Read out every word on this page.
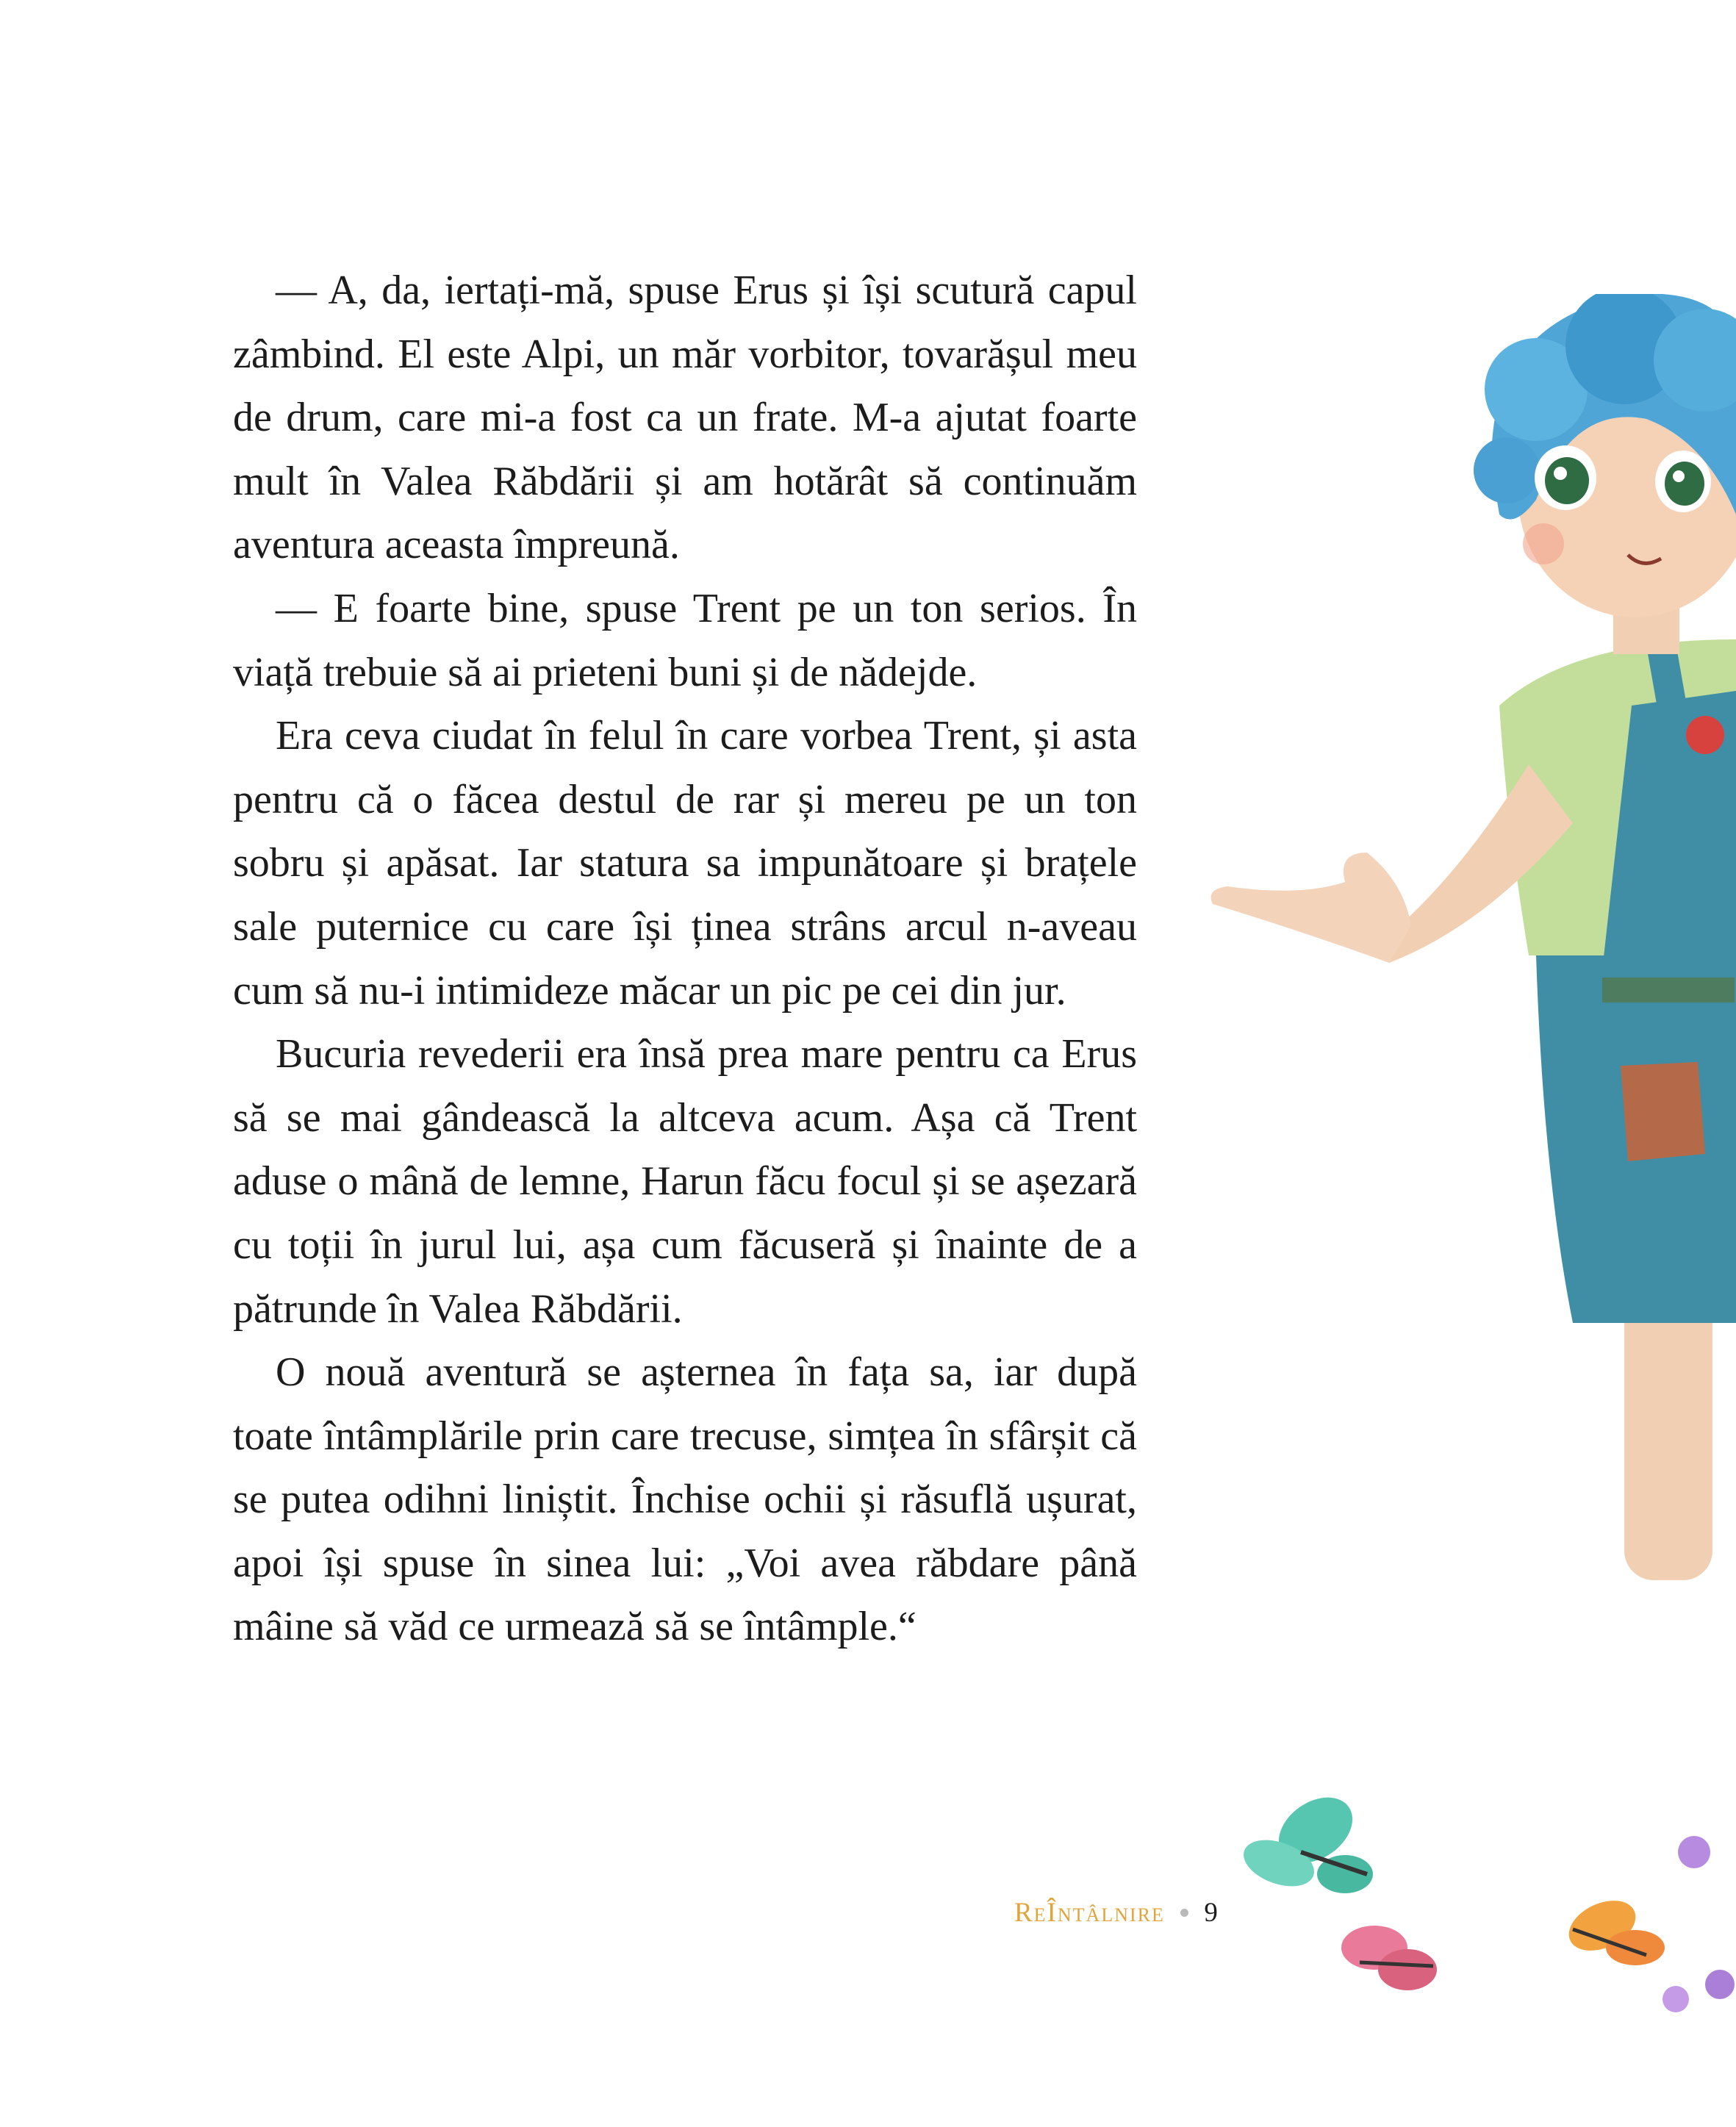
— A, da, iertați-mă, spuse Erus și își scutură capul zâmbind. El este Alpi, un măr vorbitor, tovarășul meu de drum, care mi-a fost ca un frate. M-a ajutat foarte mult în Valea Răbdării și am hotărât să continuăm aventura aceasta împreună.

— E foarte bine, spuse Trent pe un ton serios. În viață trebuie să ai prieteni buni și de nădejde.

Era ceva ciudat în felul în care vorbea Trent, și asta pentru că o făcea destul de rar și mereu pe un ton sobru și apăsat. Iar statura sa impunătoare și brațele sale puternice cu care își ținea strâns arcul n-aveau cum să nu-i intimideze măcar un pic pe cei din jur.

Bucuria revederii era însă prea mare pentru ca Erus să se mai gândească la altceva acum. Așa că Trent aduse o mână de lemne, Harun făcu focul și se așezară cu toții în jurul lui, așa cum făcuseră și înainte de a pătrunde în Valea Răbdării.

O nouă aventură se așternea în fața sa, iar după toate întâmplările prin care trecuse, simțea în sfârșit că se putea odihni liniștit. Închise ochii și răsuflă ușurat, apoi își spuse în sinea lui: „Voi avea răbdare până mâine să văd ce urmează să se întâmple.“

ReÎntâlnire 9
